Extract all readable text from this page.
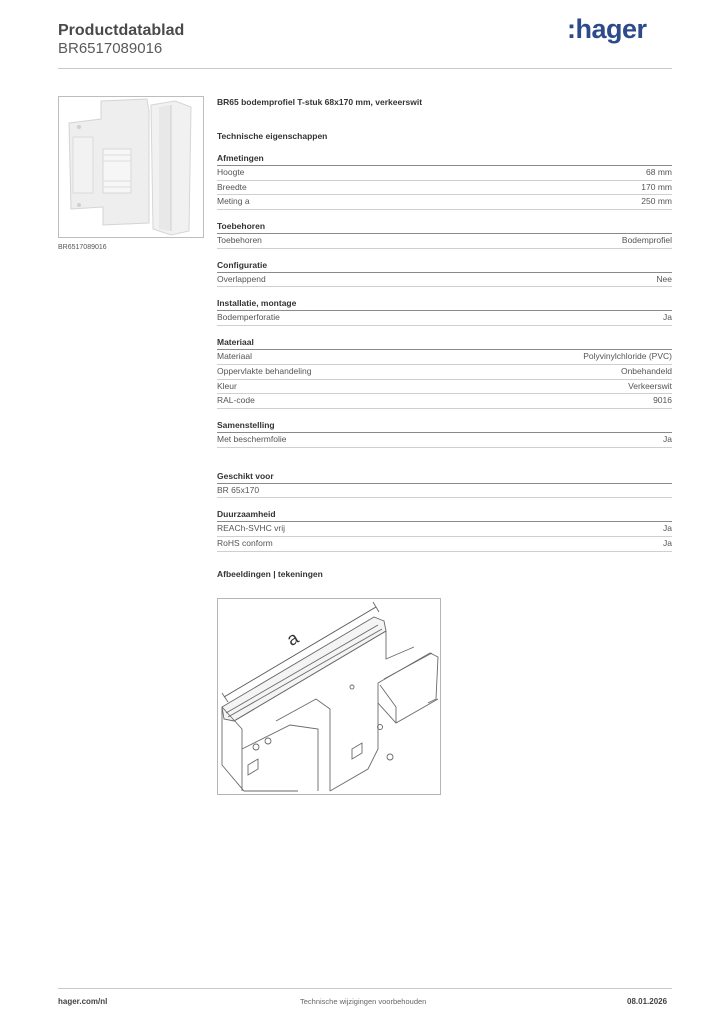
Productdatablad
BR6517089016
:hager
BR6517089016
BR65 bodemprofiel T-stuk 68x170 mm, verkeerswit
Technische eigenschappen
Afmetingen
Hoogte	68 mm
Breedte	170 mm
Meting a	250 mm
Toebehoren
Toebehoren	Bodemprofiel
Configuratie
Overlappend	Nee
Installatie, montage
Bodemperforatie	Ja
Materiaal
Materiaal	Polyvinylchloride (PVC)
Oppervlakte behandeling	Onbehandeld
Kleur	Verkeerswit
RAL-code	9016
Samenstelling
Met beschermfolie	Ja
Geschikt voor
BR 65x170
Duurzaamheid
REACh-SVHC vrij	Ja
RoHS conform	Ja
Afbeeldingen | tekeningen
a
hager.com/nl	Technische wijzigingen voorbehouden	08.01.2026
